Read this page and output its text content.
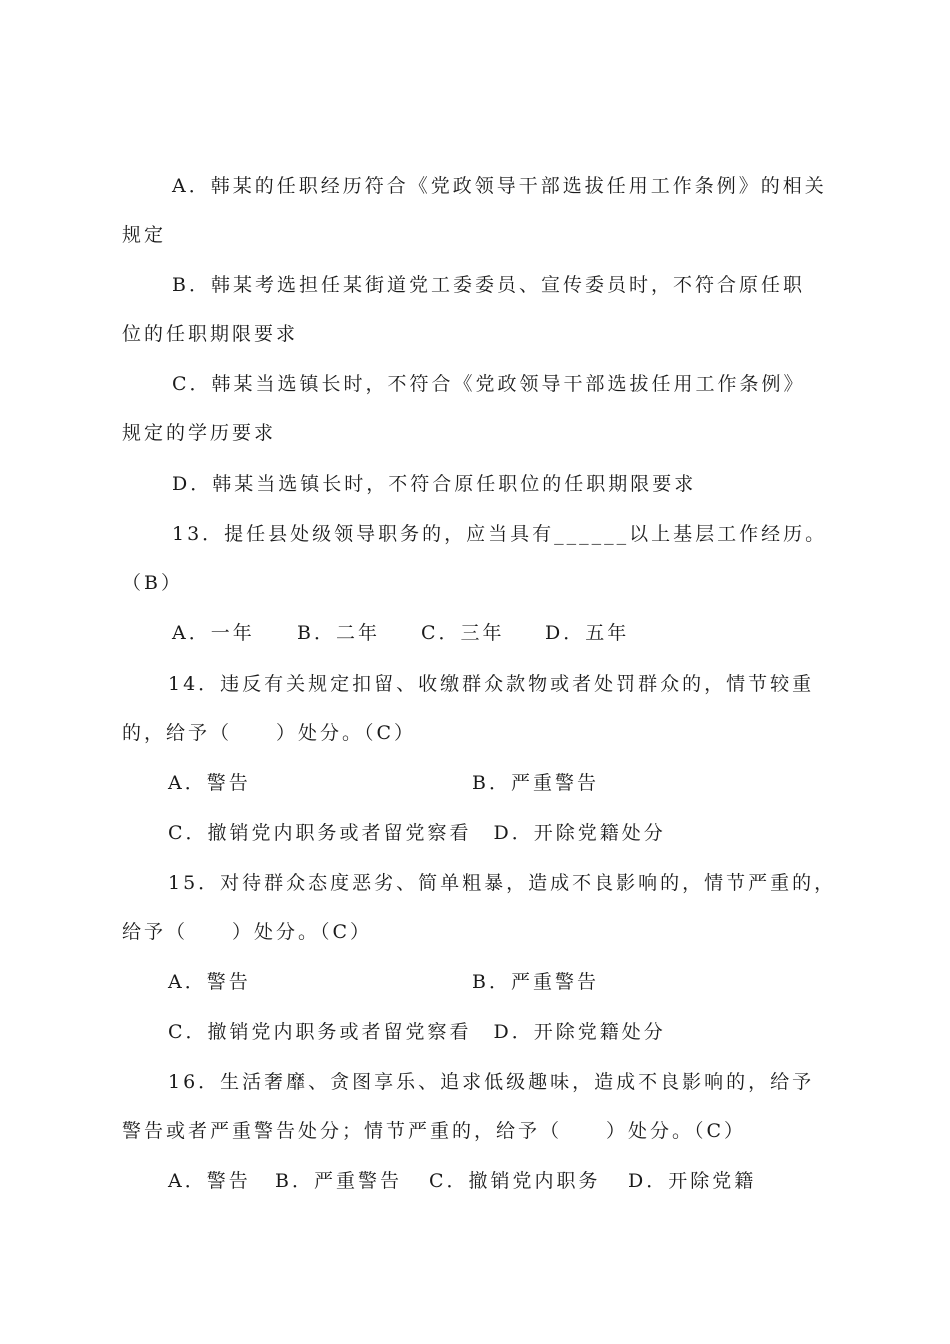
A．韩某的任职经历符合《党政领导干部选拔任用工作条例》的相关
规定
B．韩某考选担任某街道党工委委员、宣传委员时，不符合原任职
位的任职期限要求
C．韩某当选镇长时，不符合《党政领导干部选拔任用工作条例》
规定的学历要求
D．韩某当选镇长时，不符合原任职位的任职期限要求
13．提任县处级领导职务的，应当具有______以上基层工作经历。
（B）
A．一年 B．二年 C．三年 D．五年
14．违反有关规定扣留、收缴群众款物或者处罚群众的，情节较重
的，给予（　　）处分。（C）
A．警告	B．严重警告
C．撤销党内职务或者留党察看　D．开除党籍处分
15．对待群众态度恶劣、简单粗暴，造成不良影响的，情节严重的，
给予（　　）处分。（C）
A．警告	B．严重警告
C．撤销党内职务或者留党察看　D．开除党籍处分
16．生活奢靡、贪图享乐、追求低级趣味，造成不良影响的，给予
警告或者严重警告处分；情节严重的，给予（　　）处分。（C）
A．警告 B．严重警告 C．撤销党内职务 D．开除党籍
